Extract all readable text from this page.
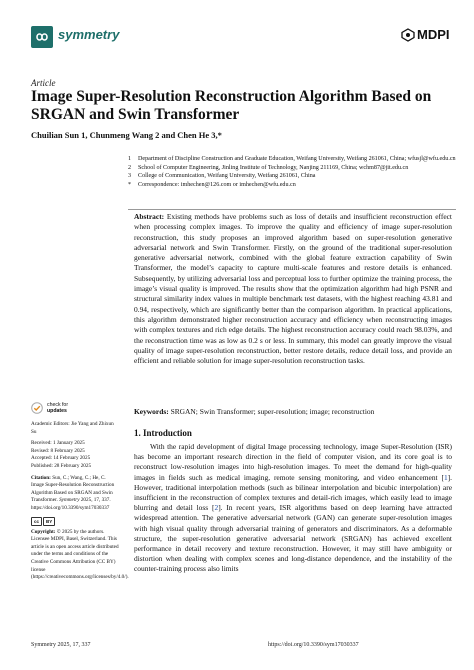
symmetry	MDPI
Article
Image Super-Resolution Reconstruction Algorithm Based on SRGAN and Swin Transformer
Chuilian Sun 1, Chunmeng Wang 2 and Chen He 3,*
1	Department of Discipline Construction and Graduate Education, Weifang University, Weifang 261061, China; wfusjl@wfu.edu.cn
2	School of Computer Engineering, Jinling Institute of Technology, Nanjing 211169, China; wchm87@jit.edu.cn
3	College of Communication, Weifang University, Weifang 261061, China
*	Correspondence: imhechen@126.com or imhechen@wfu.edu.cn
Abstract: Existing methods have problems such as loss of details and insufficient reconstruction effect when processing complex images. To improve the quality and efficiency of image super-resolution reconstruction, this study proposes an improved algorithm based on super-resolution generative adversarial network and Swin Transformer. Firstly, on the ground of the traditional super-resolution generative adversarial network, combined with the global feature extraction capability of Swin Transformer, the model’s capacity to capture multi-scale features and restore details is enhanced. Subsequently, by utilizing adversarial loss and perceptual loss to further optimize the training process, the image’s visual quality is improved. The results show that the optimization algorithm had high PSNR and structural similarity index values in multiple benchmark test datasets, with the highest reaching 43.81 and 0.94, respectively, which are significantly better than the comparison algorithm. In practical applications, this algorithm demonstrated higher reconstruction accuracy and efficiency when reconstructing images with complex textures and rich edge details. The highest reconstruction accuracy could reach 98.03%, and the reconstruction time was as low as 0.2 s or less. In summary, this model can greatly improve the visual quality of image super-resolution reconstruction, better restore details, reduce detail loss, and provide an efficient and reliable solution for image super-resolution reconstruction tasks.
Keywords: SRGAN; Swin Transformer; super-resolution; image; reconstruction
check for
updates
Academic Editors: Jie Yang and Zhixun Su
Received: 1 January 2025
Revised: 8 February 2025
Accepted: 14 February 2025
Published: 28 February 2025
Citation: Sun, C.; Wang, C.; He, C. Image Super-Resolution Reconstruction Algorithm Based on SRGAN and Swin Transformer. Symmetry 2025, 17, 337. https://doi.org/10.3390/sym17030337
cc	BY
Copyright: © 2025 by the authors. Licensee MDPI, Basel, Switzerland. This article is an open access article distributed under the terms and conditions of the Creative Commons Attribution (CC BY) license (https://creativecommons.org/licenses/by/4.0/).
1. Introduction
With the rapid development of digital Image processing technology, image Super-Resolution (ISR) has become an important research direction in the field of computer vision, and its core goal is to reconstruct low-resolution images into high-resolution images. To meet the demand for high-quality images in fields such as medical imaging, remote sensing monitoring, and video enhancement [1]. However, traditional interpolation methods (such as bilinear interpolation and bicubic interpolation) are insufficient in the reconstruction of complex textures and detail-rich images, which easily lead to image blurring and detail loss [2]. In recent years, ISR algorithms based on deep learning have attracted widespread attention. The generative adversarial network (GAN) can generate super-resolution images with high visual quality through adversarial training of generators and discriminators. As a deformable structure, the super-resolution generative adversarial network (SRGAN) has achieved excellent performance in detail recovery and texture reconstruction. However, it may still have ambiguity or distortion when dealing with complex scenes and long-distance dependence, and the instability of the counter-training process also limits
Symmetry 2025, 17, 337	https://doi.org/10.3390/sym17030337
